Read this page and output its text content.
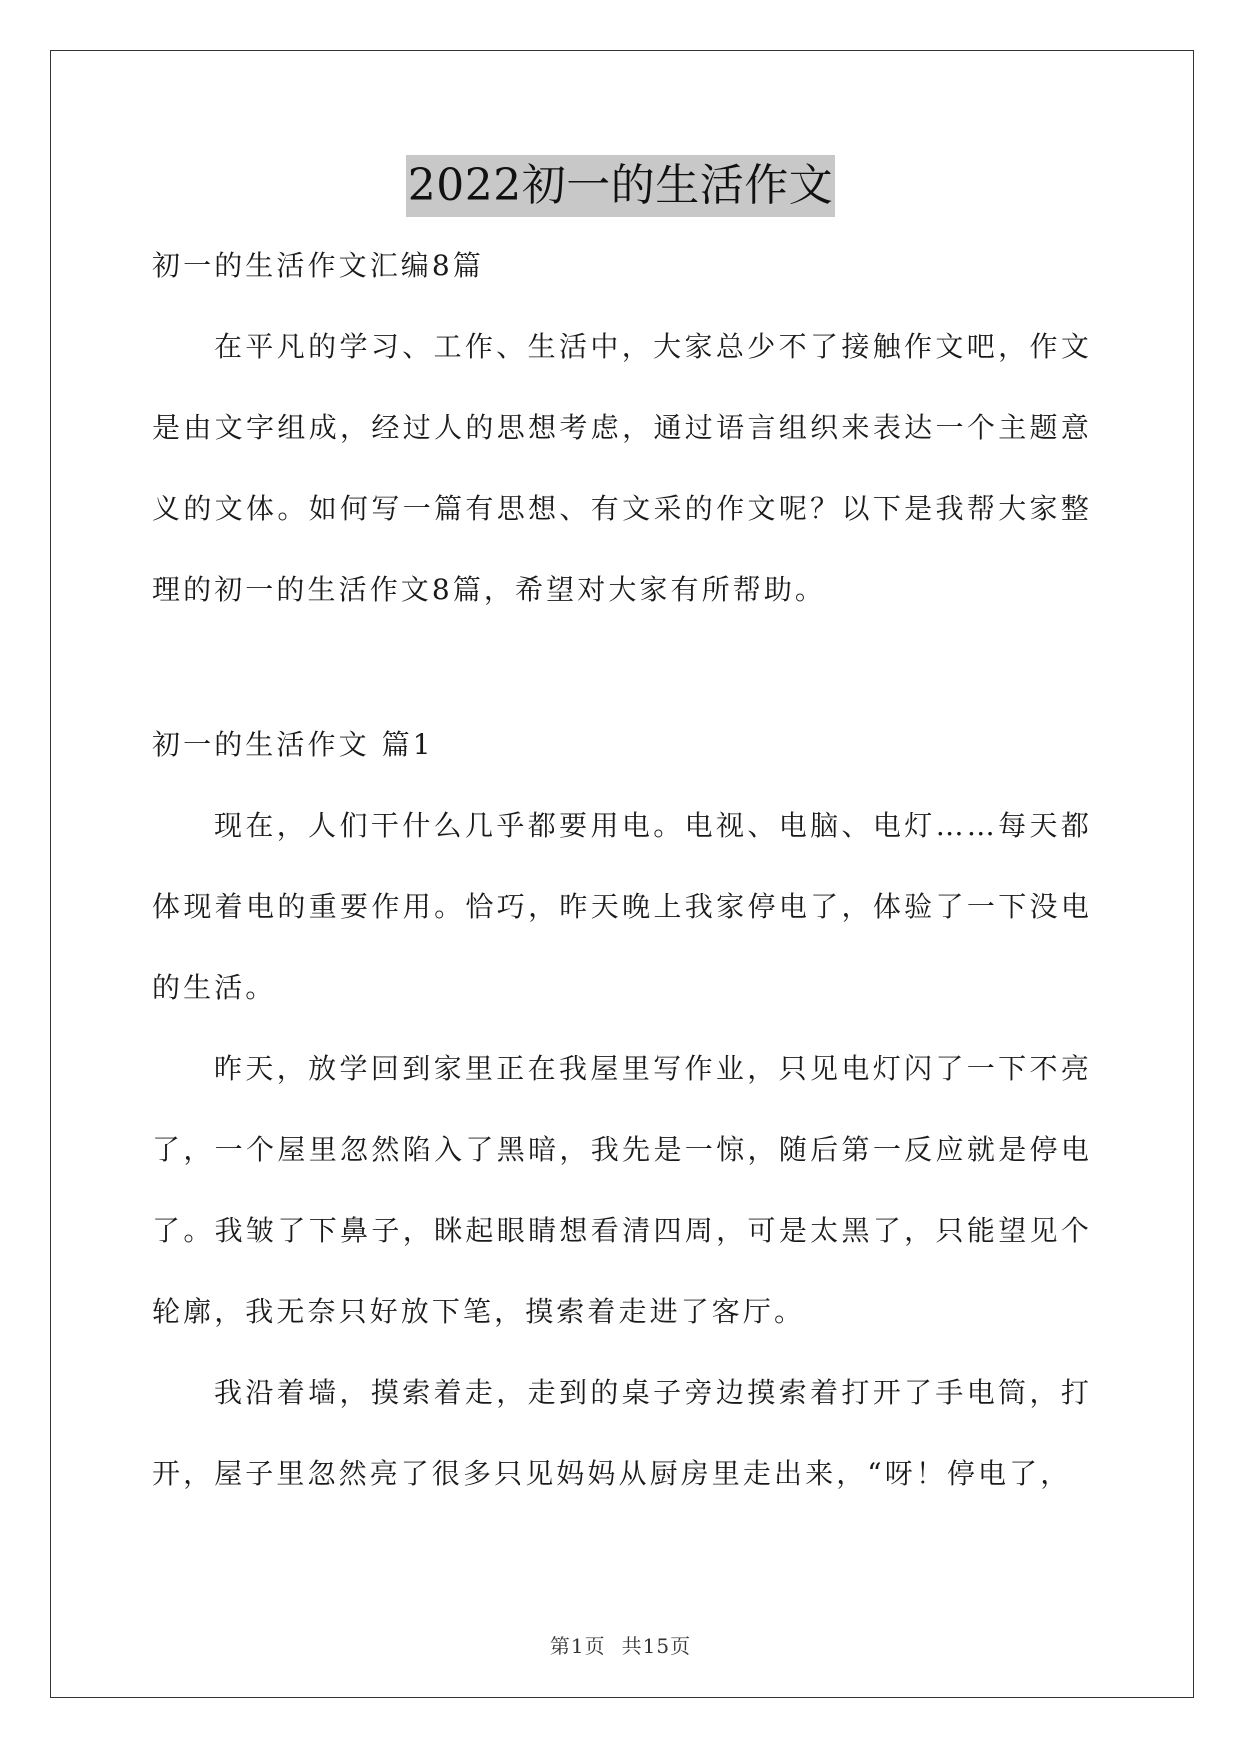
2022初一的生活作文

初一的生活作文汇编8篇

在平凡的学习、工作、生活中，大家总少不了接触作文吧，作文是由文字组成，经过人的思想考虑，通过语言组织来表达一个主题意义的文体。如何写一篇有思想、有文采的作文呢？以下是我帮大家整理的初一的生活作文8篇，希望对大家有所帮助。

初一的生活作文 篇1

现在，人们干什么几乎都要用电。电视、电脑、电灯……每天都体现着电的重要作用。恰巧，昨天晚上我家停电了，体验了一下没电的生活。

昨天，放学回到家里正在我屋里写作业，只见电灯闪了一下不亮了，一个屋里忽然陷入了黑暗，我先是一惊，随后第一反应就是停电了。我皱了下鼻子，眯起眼睛想看清四周，可是太黑了，只能望见个轮廓，我无奈只好放下笔，摸索着走进了客厅。

我沿着墙，摸索着走，走到的桌子旁边摸索着打开了手电筒，打开，屋子里忽然亮了很多只见妈妈从厨房里走出来，“呀！停电了，

第1页 共15页
